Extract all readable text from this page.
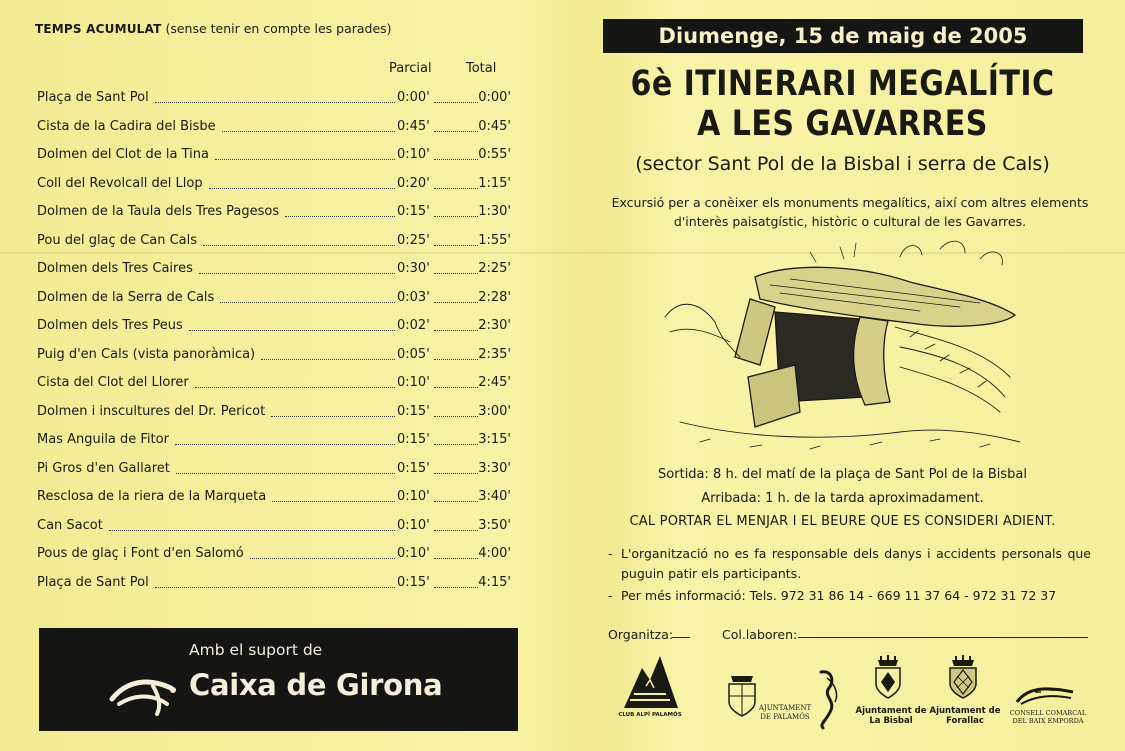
TEMPS ACUMULAT (sense tenir en compte les parades)
Parcial	Total
Plaça de Sant Pol	0:00'	0:00'
Cista de la Cadira del Bisbe	0:45'	0:45'
Dolmen del Clot de la Tina	0:10'	0:55'
Coll del Revolcall del Llop	0:20'	1:15'
Dolmen de la Taula dels Tres Pagesos	0:15'	1:30'
Pou del glaç de Can Cals	0:25'	1:55'
Dolmen dels Tres Caires	0:30'	2:25'
Dolmen de la Serra de Cals	0:03'	2:28'
Dolmen dels Tres Peus	0:02'	2:30'
Puig d'en Cals (vista panoràmica)	0:05'	2:35'
Cista del Clot del Llorer	0:10'	2:45'
Dolmen i inscultures del Dr. Pericot	0:15'	3:00'
Mas Anguila de Fitor	0:15'	3:15'
Pi Gros d'en Gallaret	0:15'	3:30'
Resclosa de la riera de la Marqueta	0:10'	3:40'
Can Sacot	0:10'	3:50'
Pous de glaç i Font d'en Salomó	0:10'	4:00'
Plaça de Sant Pol	0:15'	4:15'
Amb el suport de
Caixa de Girona
Diumenge, 15 de maig de 2005
6è ITINERARI MEGALÍTIC
A LES GAVARRES
(sector Sant Pol de la Bisbal i serra de Cals)
Excursió per a conèixer els monuments megalítics, així com altres elements
d'interès paisatgístic, històric o cultural de les Gavarres.
Sortida: 8 h. del matí de la plaça de Sant Pol de la Bisbal
Arribada: 1 h. de la tarda aproximadament.
CAL PORTAR EL MENJAR I EL BEURE QUE ES CONSIDERI ADIENT.
- L'organització no es fa responsable dels danys i accidents personals que puguin patir els participants.
- Per més informació: Tels. 972 31 86 14 - 669 11 37 64 - 972 31 72 37
Organitza:	Col.laboren:
CLUB ALPÍ PALAMÓS
AJUNTAMENT
DE PALAMÓS
Ajuntament de
La Bisbal
Ajuntament de
Forallac
CONSELL COMARCAL
DEL BAIX EMPORDÀ
